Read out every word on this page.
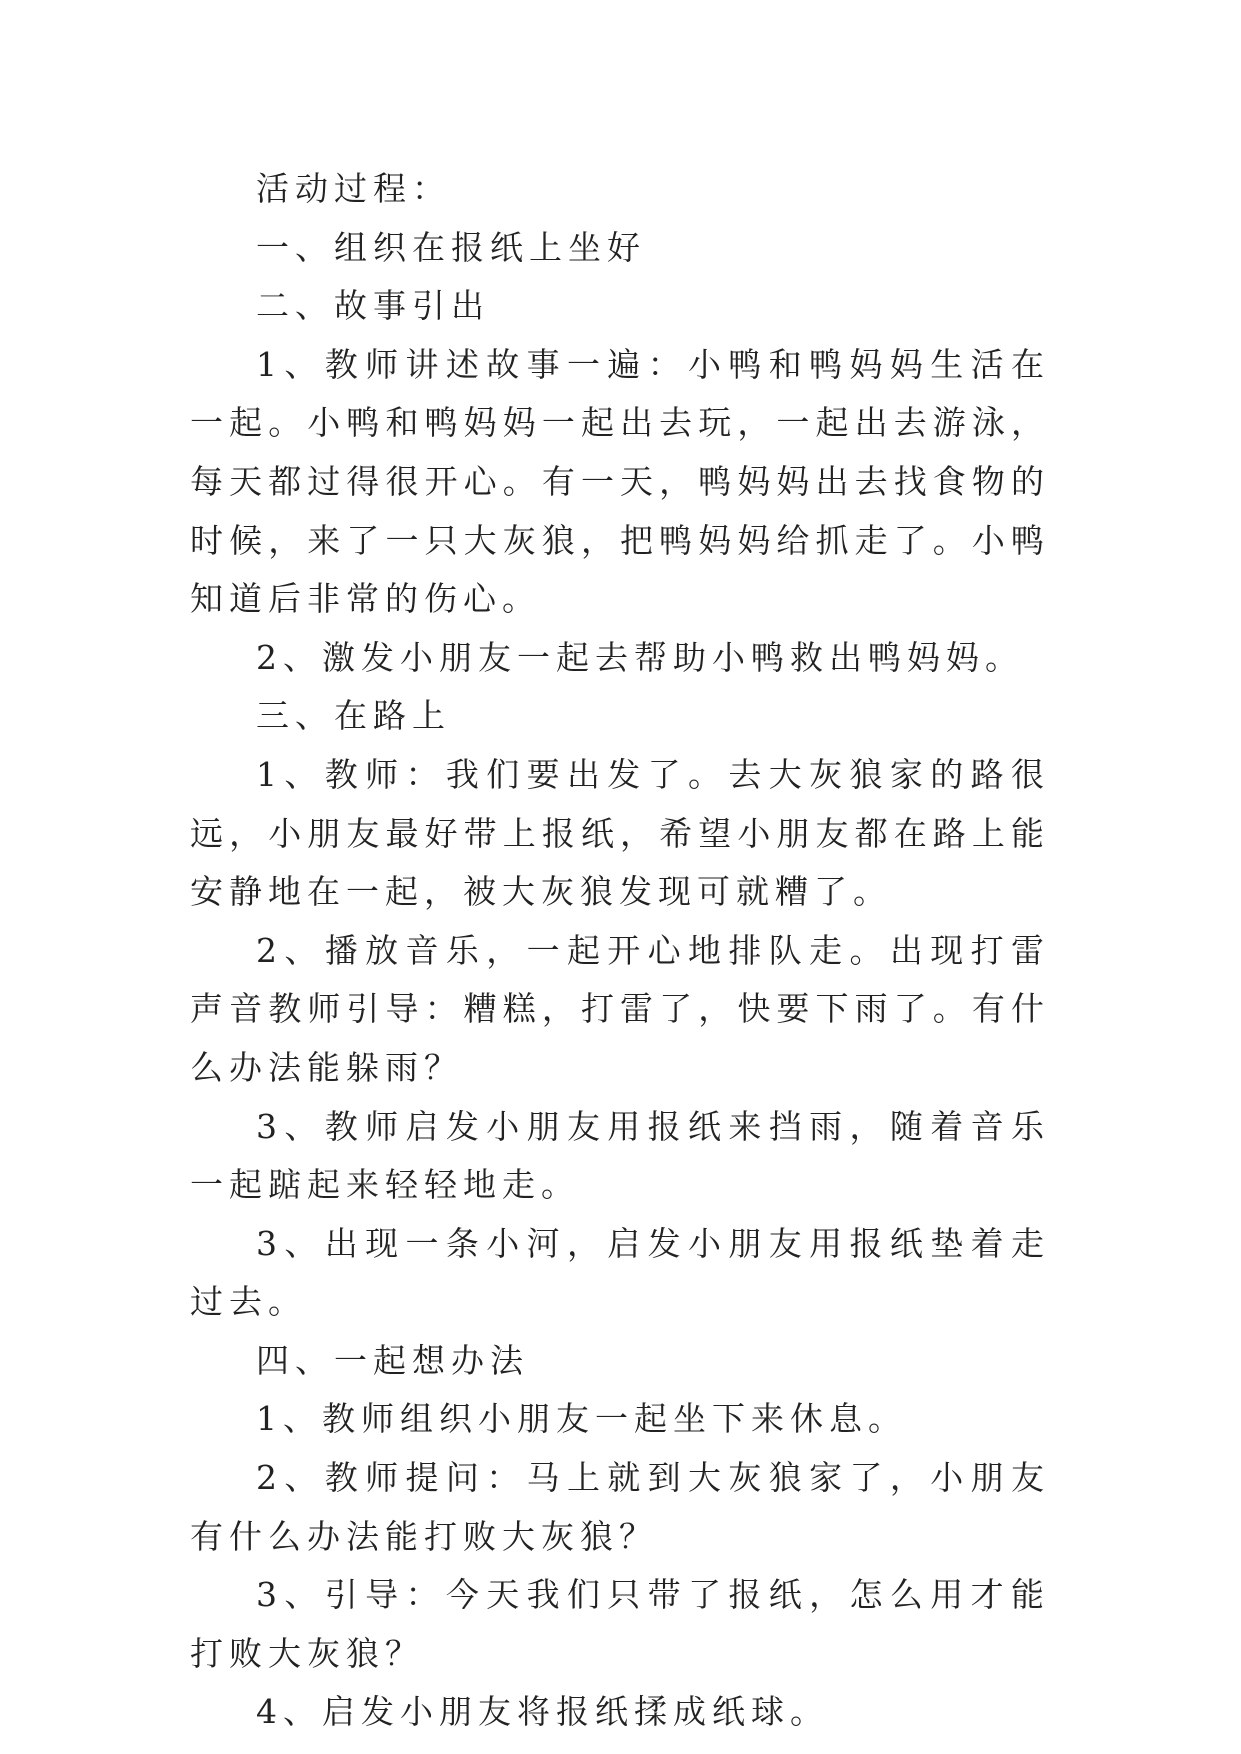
活动过程：

一、组织在报纸上坐好

二、故事引出

1、教师讲述故事一遍：小鸭和鸭妈妈生活在一起。小鸭和鸭妈妈一起出去玩，一起出去游泳，每天都过得很开心。有一天，鸭妈妈出去找食物的时候，来了一只大灰狼，把鸭妈妈给抓走了。小鸭知道后非常的伤心。

2、激发小朋友一起去帮助小鸭救出鸭妈妈。

三、在路上

1、教师：我们要出发了。去大灰狼家的路很远，小朋友最好带上报纸，希望小朋友都在路上能安静地在一起，被大灰狼发现可就糟了。

2、播放音乐，一起开心地排队走。出现打雷声音教师引导：糟糕，打雷了，快要下雨了。有什么办法能躲雨？

3、教师启发小朋友用报纸来挡雨，随着音乐一起踮起来轻轻地走。

3、出现一条小河，启发小朋友用报纸垫着走过去。

四、一起想办法

1、教师组织小朋友一起坐下来休息。

2、教师提问：马上就到大灰狼家了，小朋友有什么办法能打败大灰狼？

3、引导：今天我们只带了报纸，怎么用才能打败大灰狼？

4、启发小朋友将报纸揉成纸球。
